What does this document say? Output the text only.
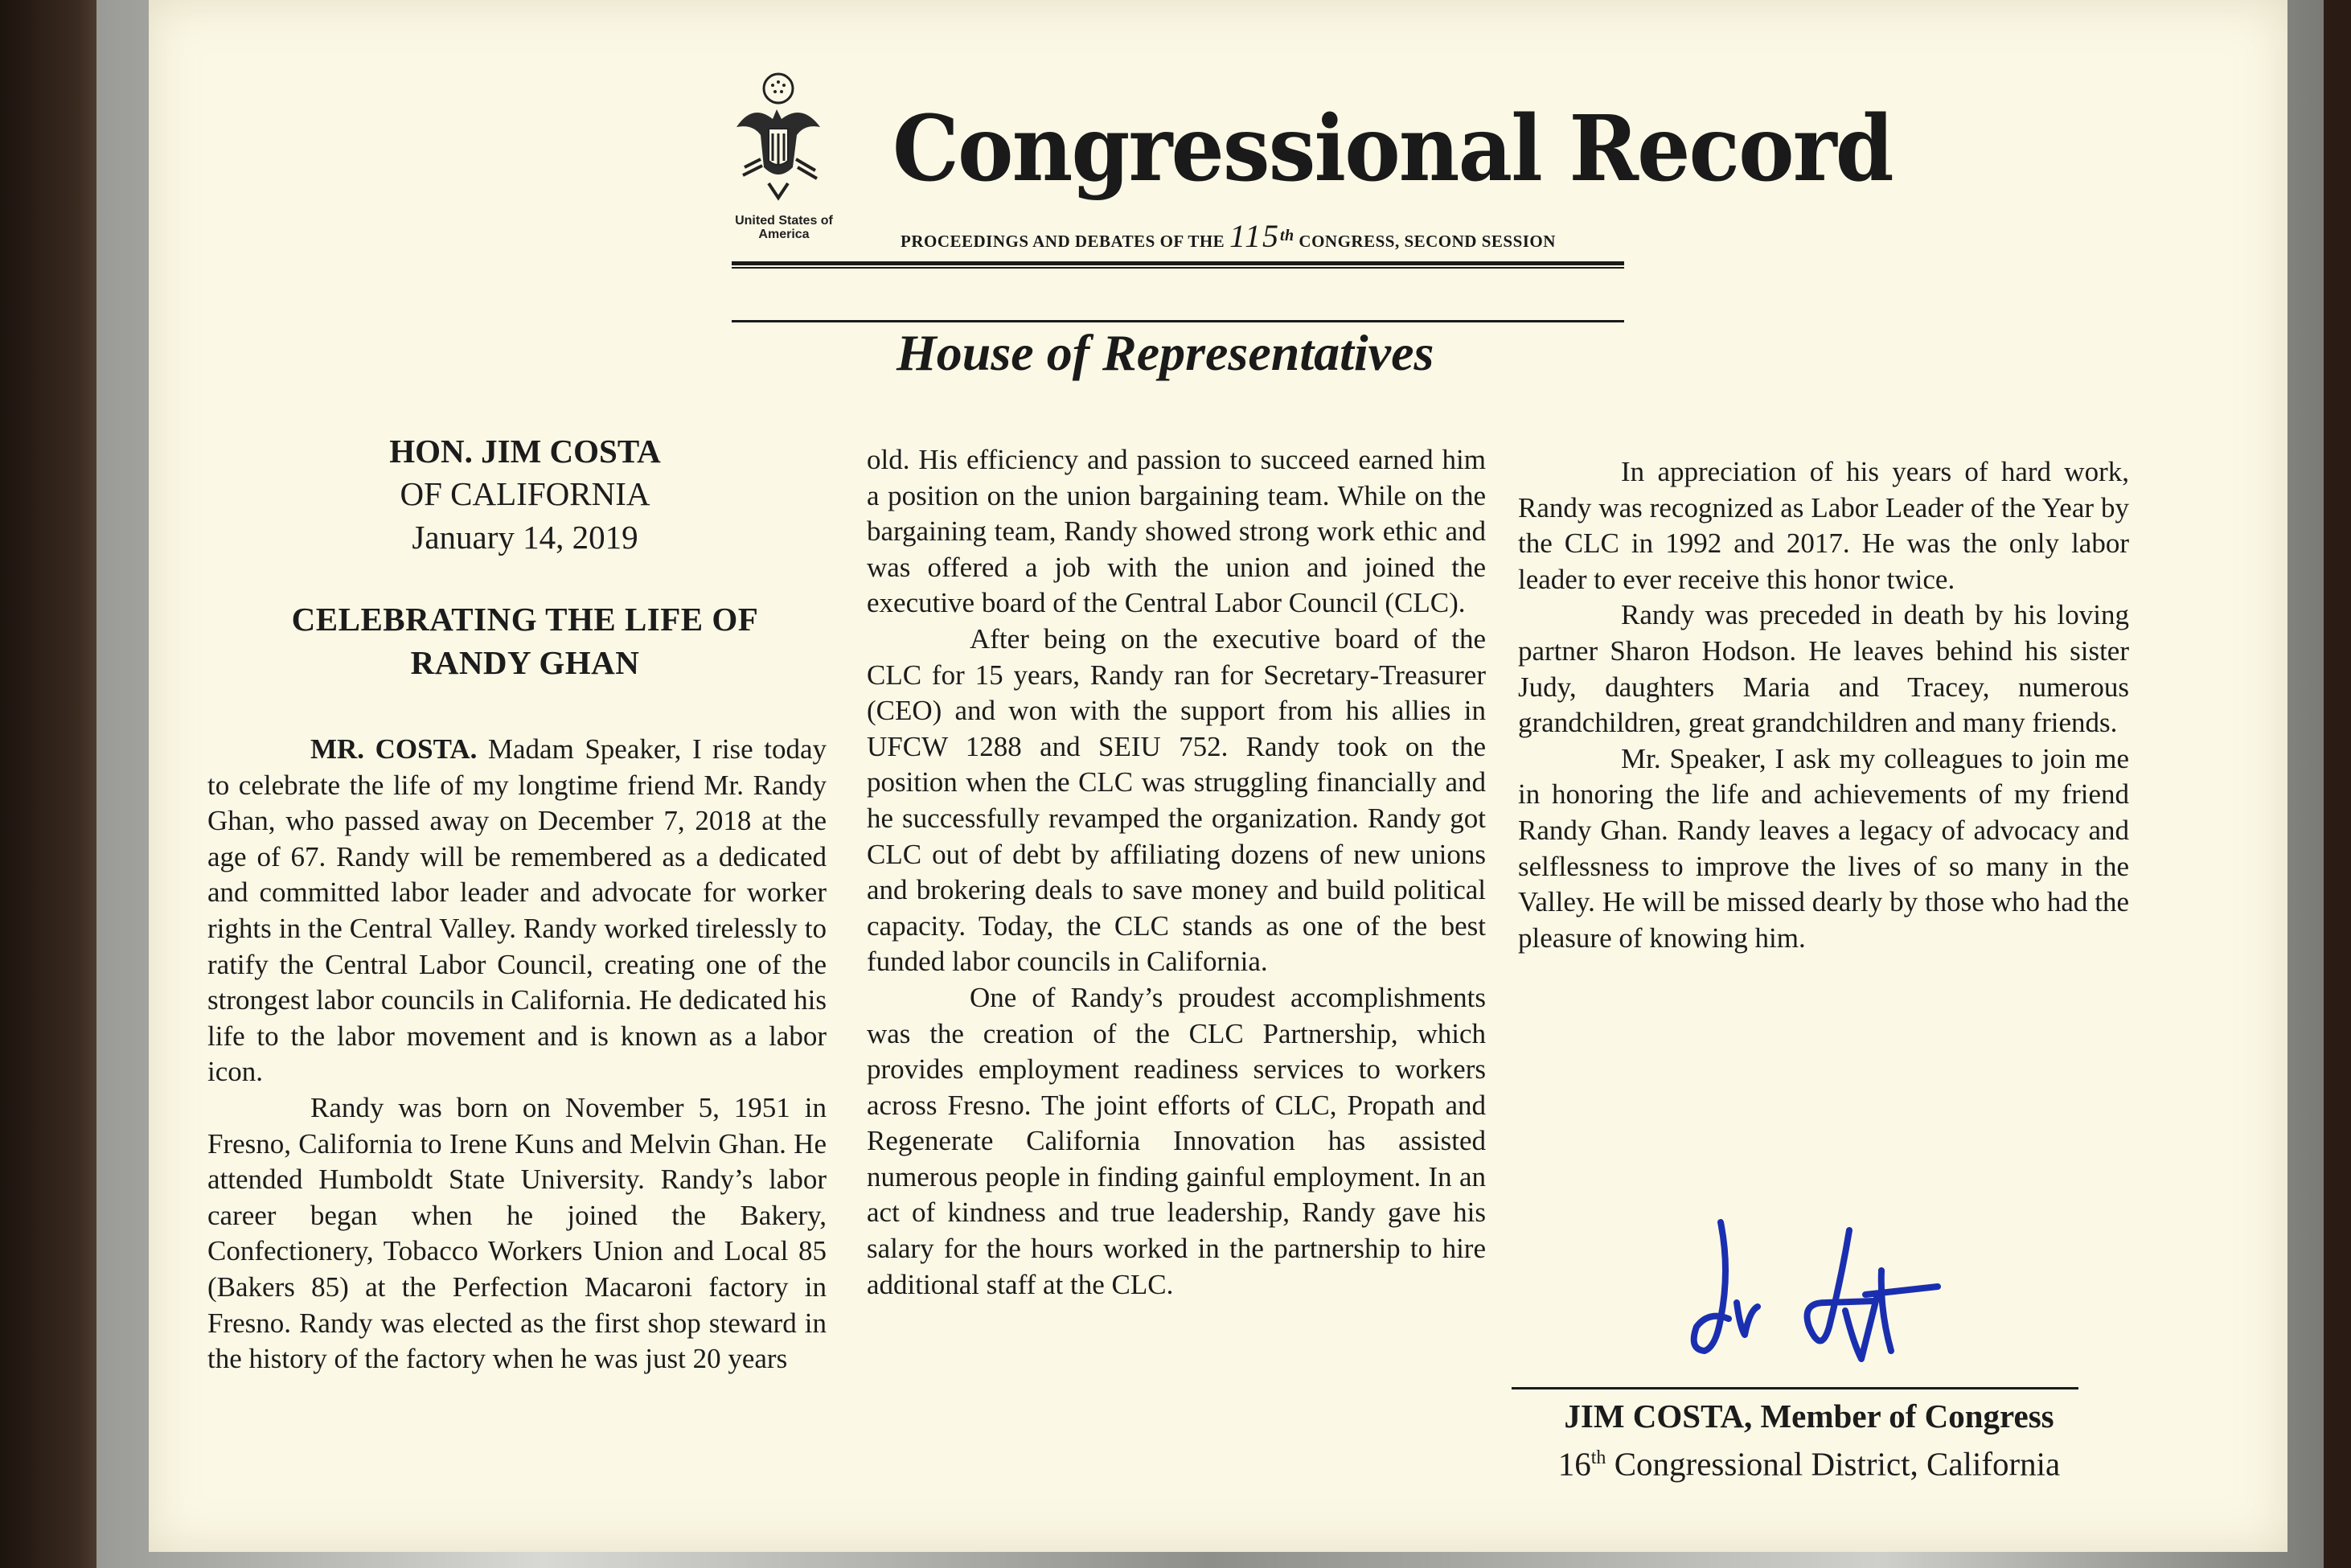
United States of America
Congressional Record
PROCEEDINGS AND DEBATES OF THE 115th CONGRESS, SECOND SESSION
House of Representatives
HON. JIM COSTA
OF CALIFORNIA
January 14, 2019
CELEBRATING THE LIFE OF
RANDY GHAN

MR. COSTA. Madam Speaker, I rise today to celebrate the life of my longtime friend Mr. Randy Ghan, who passed away on December 7, 2018 at the age of 67. Randy will be remembered as a dedicated and committed labor leader and advocate for worker rights in the Central Valley. Randy worked tirelessly to ratify the Central Labor Council, creating one of the strongest labor councils in California. He dedicated his life to the labor movement and is known as a labor icon.

Randy was born on November 5, 1951 in Fresno, California to Irene Kuns and Melvin Ghan. He attended Humboldt State University. Randy’s labor career began when he joined the Bakery, Confectionery, Tobacco Workers Union and Local 85 (Bakers 85) at the Perfection Macaroni factory in Fresno. Randy was elected as the first shop steward in the history of the factory when he was just 20 years

old. His efficiency and passion to succeed earned him a position on the union bargaining team. While on the bargaining team, Randy showed strong work ethic and was offered a job with the union and joined the executive board of the Central Labor Council (CLC).

After being on the executive board of the CLC for 15 years, Randy ran for Secretary-Treasurer (CEO) and won with the support from his allies in UFCW 1288 and SEIU 752. Randy took on the position when the CLC was struggling financially and he successfully revamped the organization. Randy got CLC out of debt by affiliating dozens of new unions and brokering deals to save money and build political capacity. Today, the CLC stands as one of the best funded labor councils in California.

One of Randy’s proudest accomplishments was the creation of the CLC Partnership, which provides employment readiness services to workers across Fresno. The joint efforts of CLC, Propath and Regenerate California Innovation has assisted numerous people in finding gainful employment. In an act of kindness and true leadership, Randy gave his salary for the hours worked in the partnership to hire additional staff at the CLC.

In appreciation of his years of hard work, Randy was recognized as Labor Leader of the Year by the CLC in 1992 and 2017. He was the only labor leader to ever receive this honor twice.

Randy was preceded in death by his loving partner Sharon Hodson. He leaves behind his sister Judy, daughters Maria and Tracey, numerous grandchildren, great grandchildren and many friends.

Mr. Speaker, I ask my colleagues to join me in honoring the life and achievements of my friend Randy Ghan. Randy leaves a legacy of advocacy and selflessness to improve the lives of so many in the Valley. He will be missed dearly by those who had the pleasure of knowing him.

JIM COSTA, Member of Congress
16th Congressional District, California
